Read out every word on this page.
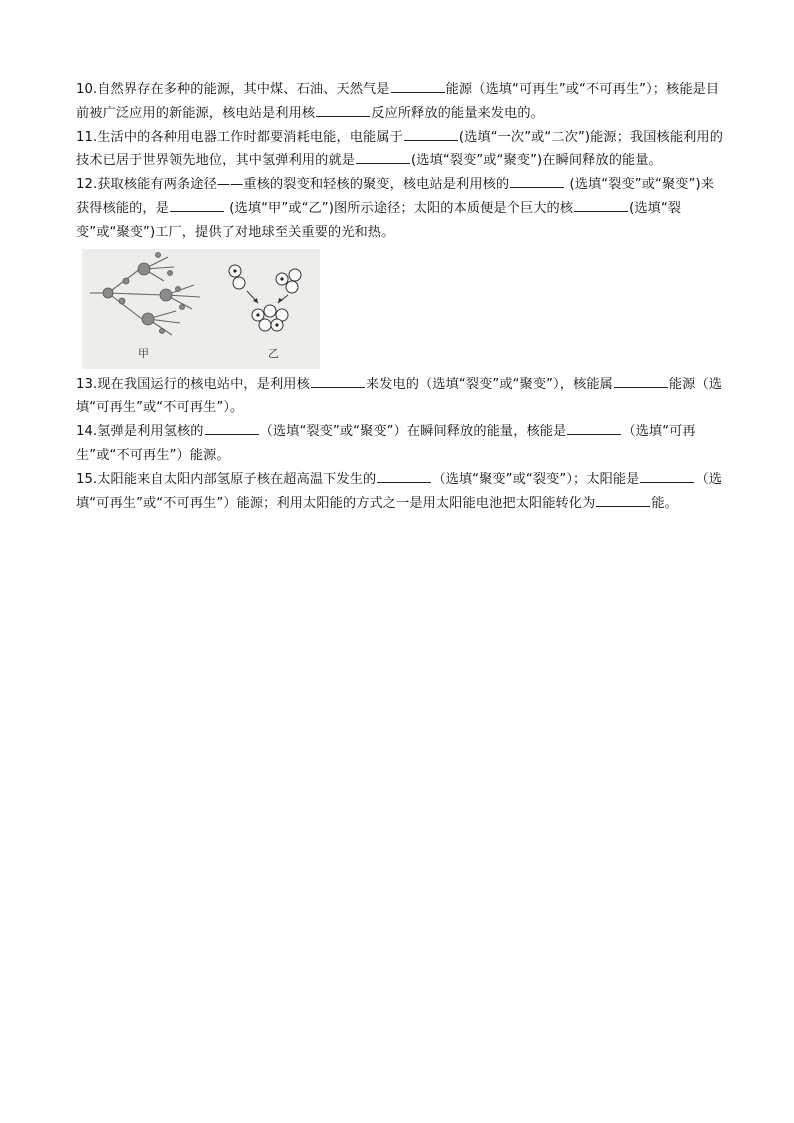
10.自然界存在多种的能源，其中煤、石油、天然气是	能源（选填“可再生”或“不可再生”）；核能是目前被广泛应用的新能源，核电站是利用核	反应所释放的能量来发电的。

11.生活中的各种用电器工作时都要消耗电能，电能属于	(选填“一次”或“二次”)能源；我国核能利用的技术已居于世界领先地位，其中氢弹利用的就是	(选填“裂变”或“聚变”)在瞬间释放的能量。

12.获取核能有两条途径——重核的裂变和轻核的聚变，核电站是利用核的	(选填“裂变”或“聚变”)来获得核能的，是	(选填“甲”或“乙”)图所示途径；太阳的本质便是个巨大的核	(选填“裂变”或“聚变”)工厂，提供了对地球至关重要的光和热。

甲	乙

13.现在我国运行的核电站中，是利用核	来发电的（选填“裂变”或“聚变”），核能属	能源（选填“可再生”或“不可再生”）。

14.氢弹是利用氢核的	（选填“裂变”或“聚变”）在瞬间释放的能量，核能是	（选填“可再生”或“不可再生”）能源。

15.太阳能来自太阳内部氢原子核在超高温下发生的	（选填“聚变”或“裂变”）；太阳能是	（选填“可再生”或“不可再生”）能源；利用太阳能的方式之一是用太阳能电池把太阳能转化为	能。
